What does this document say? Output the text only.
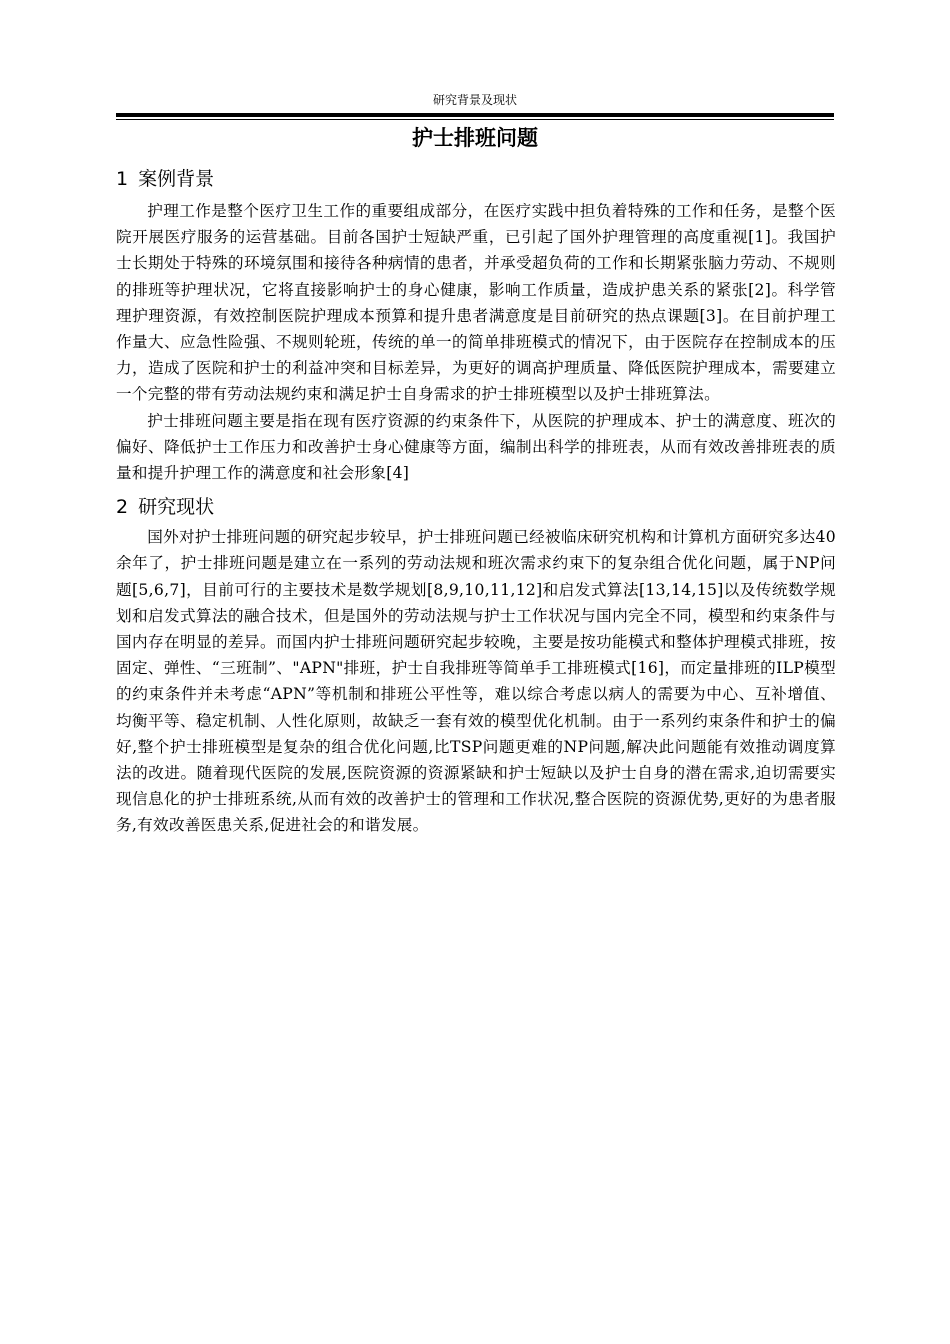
研究背景及现状
护士排班问题
1 案例背景

护理工作是整个医疗卫生工作的重要组成部分，在医疗实践中担负着特殊的工作和任务，是整个医院开展医疗服务的运营基础。目前各国护士短缺严重，已引起了国外护理管理的高度重视[1]。我国护士长期处于特殊的环境氛围和接待各种病情的患者，并承受超负荷的工作和长期紧张脑力劳动、不规则的排班等护理状况，它将直接影响护士的身心健康，影响工作质量，造成护患关系的紧张[2]。科学管理护理资源，有效控制医院护理成本预算和提升患者满意度是目前研究的热点课题[3]。在目前护理工作量大、应急性险强、不规则轮班，传统的单一的简单排班模式的情况下，由于医院存在控制成本的压力，造成了医院和护士的利益冲突和目标差异，为更好的调高护理质量、降低医院护理成本，需要建立一个完整的带有劳动法规约束和满足护士自身需求的护士排班模型以及护士排班算法。

护士排班问题主要是指在现有医疗资源的约束条件下，从医院的护理成本、护士的满意度、班次的偏好、降低护士工作压力和改善护士身心健康等方面，编制出科学的排班表，从而有效改善排班表的质量和提升护理工作的满意度和社会形象[4]

2 研究现状

国外对护士排班问题的研究起步较早，护士排班问题已经被临床研究机构和计算机方面研究多达40余年了，护士排班问题是建立在一系列的劳动法规和班次需求约束下的复杂组合优化问题，属于NP问题[5,6,7]，目前可行的主要技术是数学规划[8,9,10,11,12]和启发式算法[13,14,15]以及传统数学规划和启发式算法的融合技术，但是国外的劳动法规与护士工作状况与国内完全不同，模型和约束条件与国内存在明显的差异。而国内护士排班问题研究起步较晚，主要是按功能模式和整体护理模式排班，按固定、弹性、“三班制”、"APN"排班，护士自我排班等简单手工排班模式[16]，而定量排班的ILP模型的约束条件并未考虑“APN”等机制和排班公平性等，难以综合考虑以病人的需要为中心、互补增值、均衡平等、稳定机制、人性化原则，故缺乏一套有效的模型优化机制。由于一系列约束条件和护士的偏好,整个护士排班模型是复杂的组合优化问题,比TSP问题更难的NP问题,解决此问题能有效推动调度算法的改进。随着现代医院的发展,医院资源的资源紧缺和护士短缺以及护士自身的潜在需求,迫切需要实现信息化的护士排班系统,从而有效的改善护士的管理和工作状况,整合医院的资源优势,更好的为患者服务,有效改善医患关系,促进社会的和谐发展。
